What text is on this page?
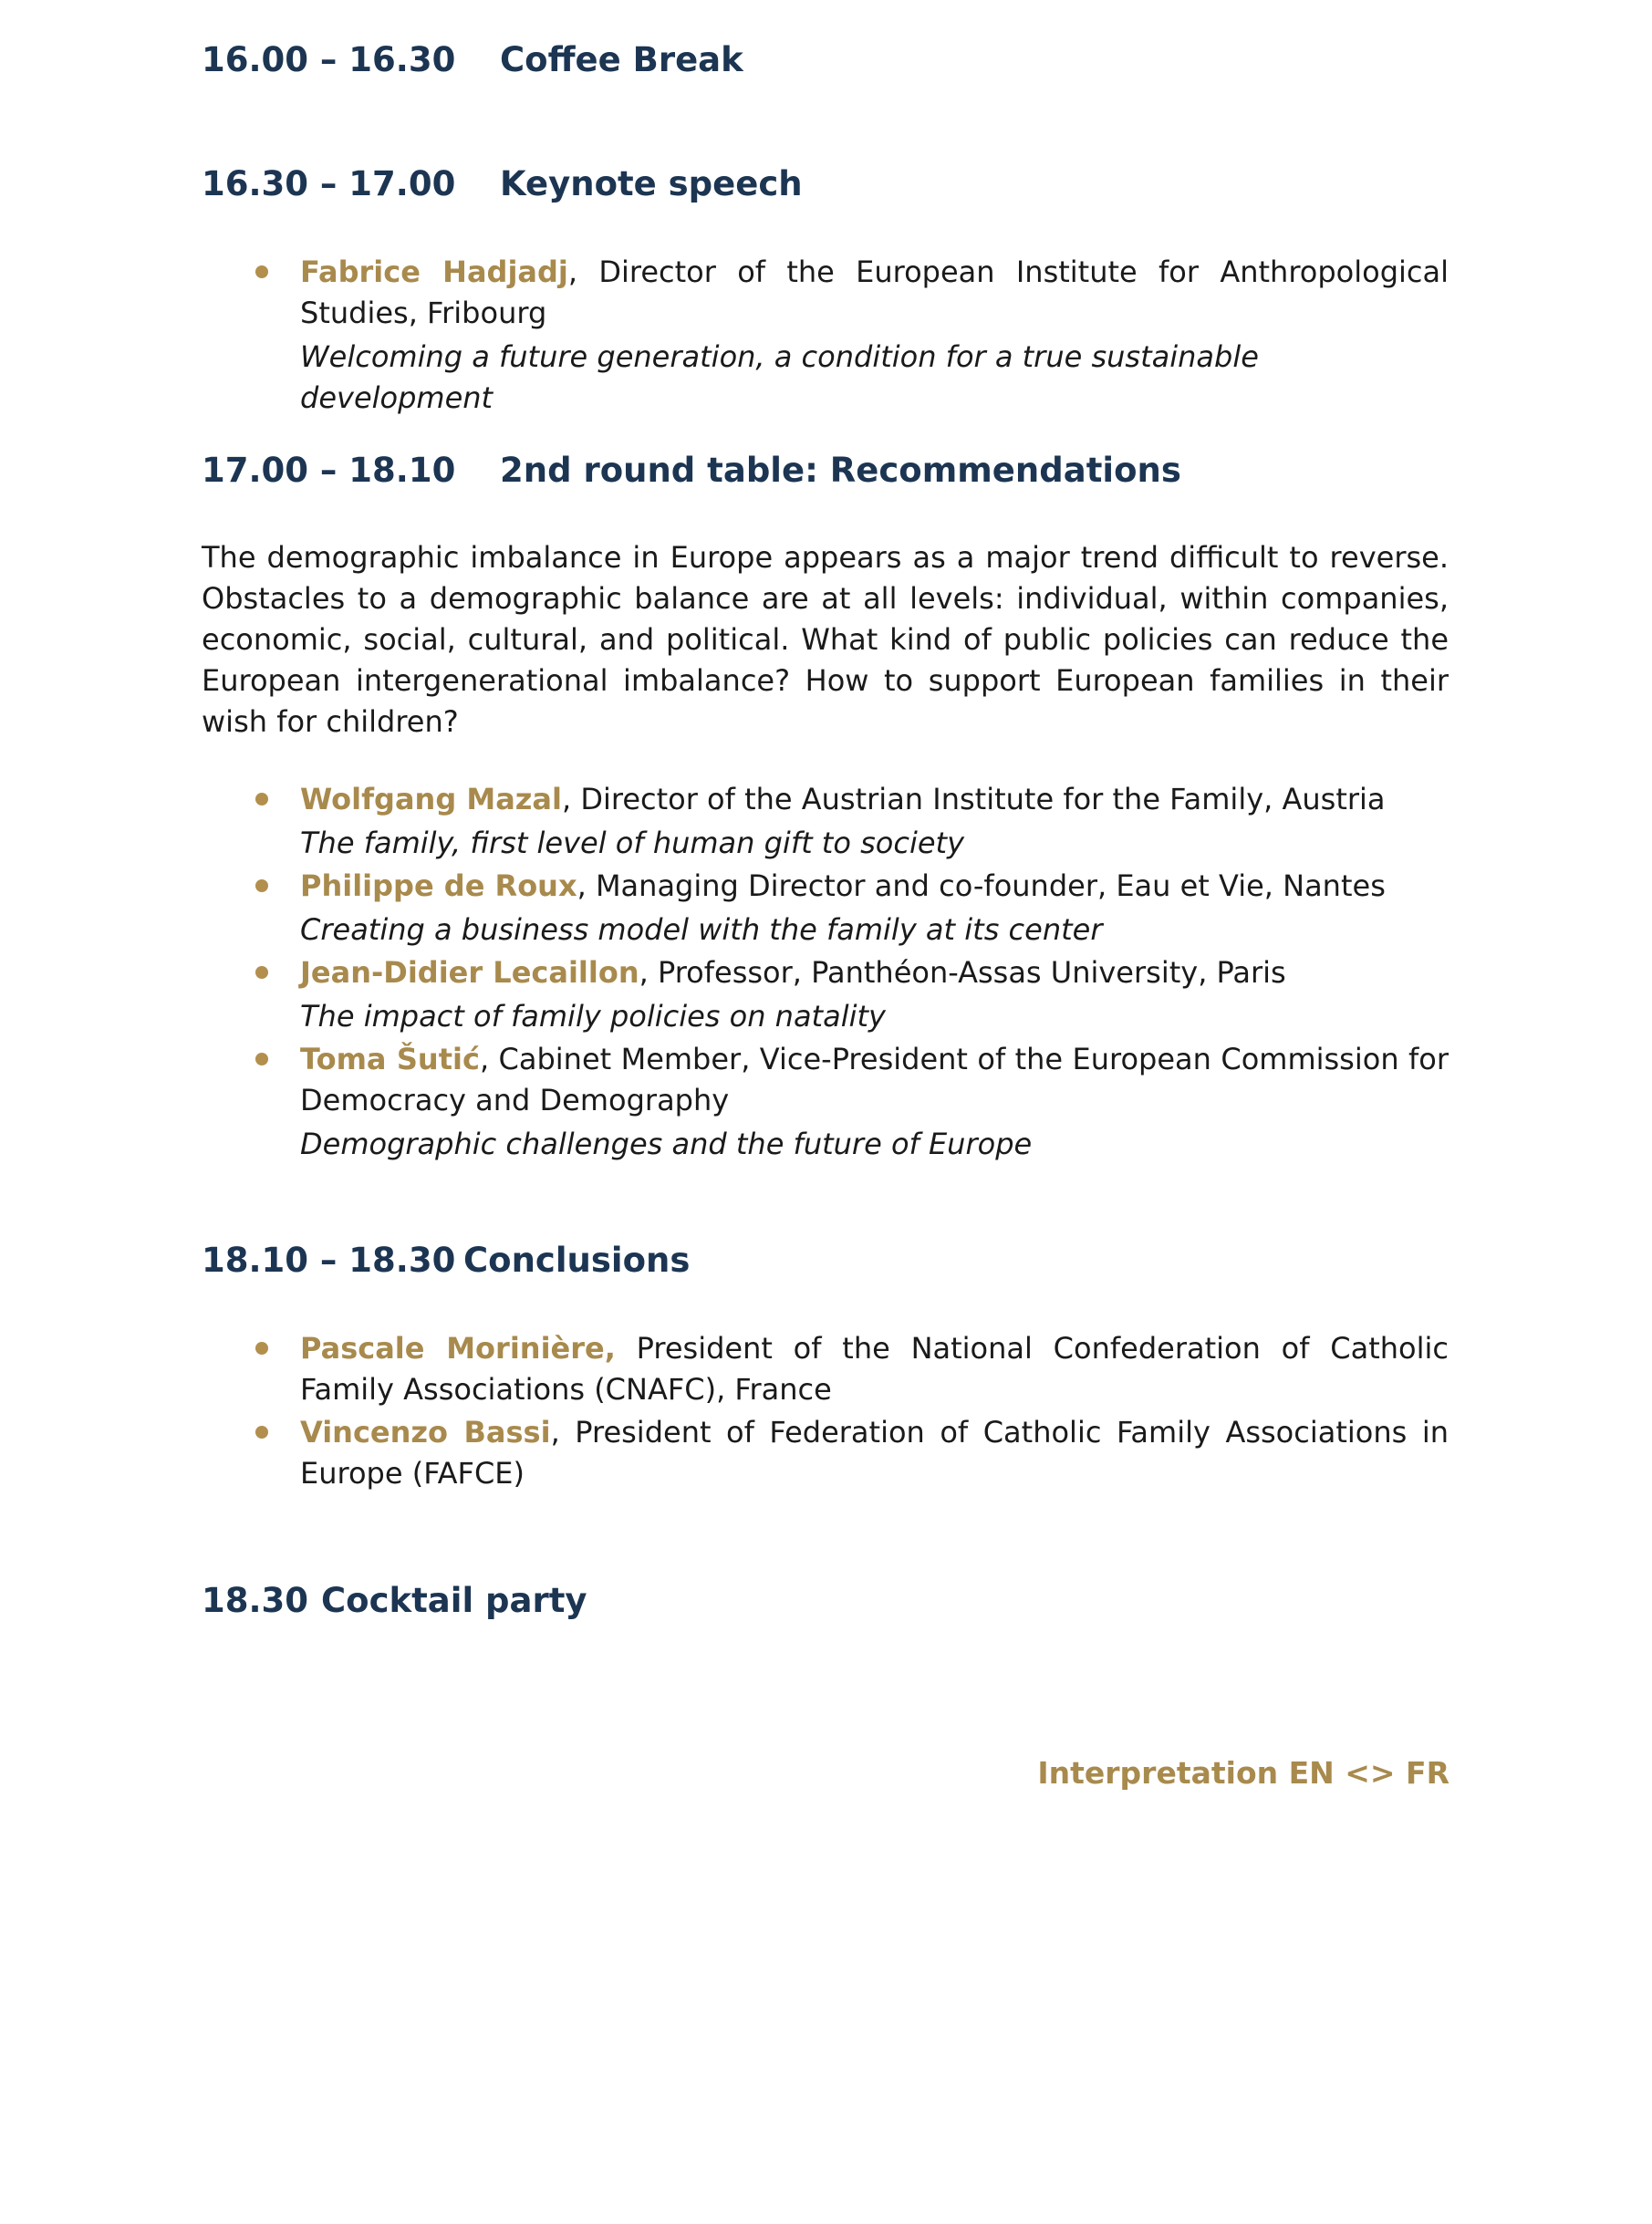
16.00 – 16.30 Coffee Break
16.30 – 17.00 Keynote speech
Fabrice Hadjadj, Director of the European Institute for Anthropological Studies, Fribourg
Welcoming a future generation, a condition for a true sustainable development
17.00 – 18.10 2nd round table: Recommendations

The demographic imbalance in Europe appears as a major trend difficult to reverse. Obstacles to a demographic balance are at all levels: individual, within companies, economic, social, cultural, and political. What kind of public policies can reduce the European intergenerational imbalance? How to support European families in their wish for children?

Wolfgang Mazal, Director of the Austrian Institute for the Family, Austria
The family, first level of human gift to society
Philippe de Roux, Managing Director and co-founder, Eau et Vie, Nantes
Creating a business model with the family at its center
Jean-Didier Lecaillon, Professor, Panthéon-Assas University, Paris
The impact of family policies on natality
Toma Šutić, Cabinet Member, Vice-President of the European Commission for Democracy and Demography
Demographic challenges and the future of Europe
18.10 – 18.30 Conclusions
Pascale Morinière, President of the National Confederation of Catholic Family Associations (CNAFC), France
Vincenzo Bassi, President of Federation of Catholic Family Associations in Europe (FAFCE)
18.30 Cocktail party
Interpretation EN <> FR
